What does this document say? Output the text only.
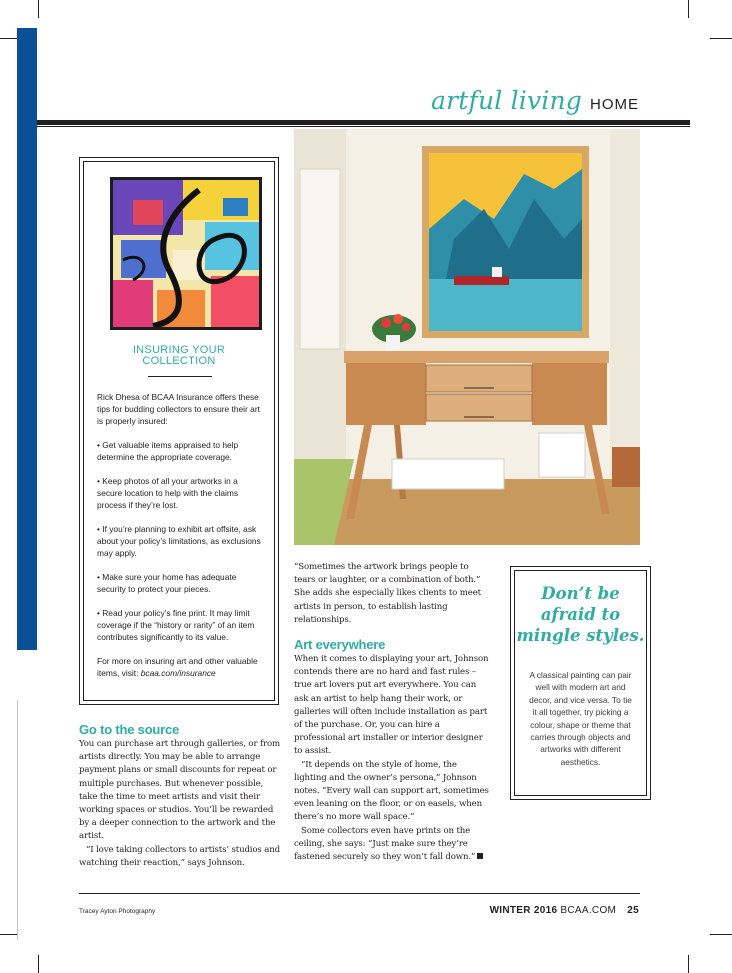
artful living HOME
INSURING YOUR
COLLECTION

Rick Dhesa of BCAA Insurance offers these tips for budding collectors to ensure their art is properly insured:

• Get valuable items appraised to help determine the appropriate coverage.

• Keep photos of all your artworks in a secure location to help with the claims process if they’re lost.

• If you’re planning to exhibit art offsite, ask about your policy’s limitations, as exclusions may apply.

• Make sure your home has adequate security to protect your pieces.

• Read your policy’s fine print. It may limit coverage if the “history or rarity” of an item contributes significantly to its value.

For more on insuring art and other valuable items, visit: bcaa.com/insurance

Go to the source

You can purchase art through galleries, or from artists directly. You may be able to arrange payment plans or small discounts for repeat or multiple purchases. But whenever possible, take the time to meet artists and visit their working spaces or studios. You’ll be rewarded by a deeper connection to the artwork and the artist.

“I love taking collectors to artists’ studios and watching their reaction,” says Johnson.

“Sometimes the artwork brings people to tears or laughter, or a combination of both.” She adds she especially likes clients to meet artists in person, to establish lasting relationships.

Art everywhere

When it comes to displaying your art, Johnson contends there are no hard and fast rules – true art lovers put art everywhere. You can ask an artist to help hang their work, or galleries will often include installation as part of the purchase. Or, you can hire a professional art installer or interior designer to assist.

“It depends on the style of home, the lighting and the owner’s persona,” Johnson notes. “Every wall can support art, sometimes even leaning on the floor, or on easels, when there’s no more wall space.”

Some collectors even have prints on the ceiling, she says: “Just make sure they’re fastened securely so they won’t fall down.”

Don’t be afraid to mingle styles.
A classical painting can pair well with modern art and decor, and vice versa. To tie it all together, try picking a colour, shape or theme that carries through objects and artworks with different aesthetics.
Tracey Ayton Photography	WINTER 2016 BCAA.COM 25
